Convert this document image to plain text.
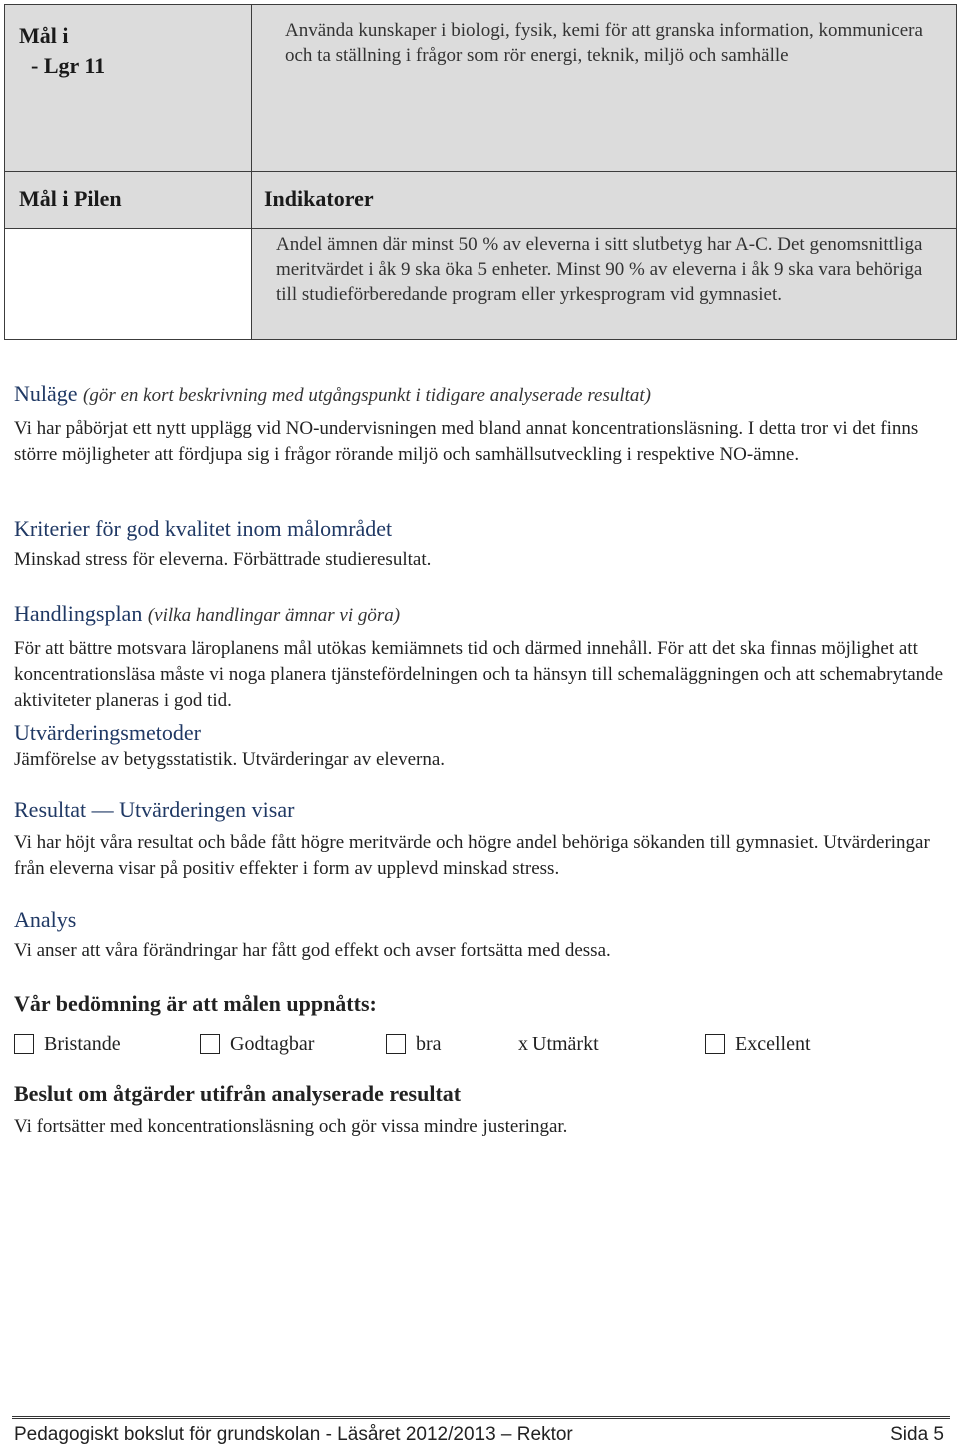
Mål i
- Lgr 11	Använda kunskaper i biologi, fysik, kemi för att granska information, kommunicera och ta ställning i frågor som rör energi, teknik, miljö och samhälle

Mål i Pilen	Indikatorer

	Andel ämnen där minst 50 % av eleverna i sitt slutbetyg har A-C. Det genomsnittliga meritvärdet i åk 9 ska öka 5 enheter. Minst 90 % av eleverna i åk 9 ska vara behöriga till studieförberedande program eller yrkesprogram vid gymnasiet.
Nuläge (gör en kort beskrivning med utgångspunkt i tidigare analyserade resultat)
Vi har påbörjat ett nytt upplägg vid NO-undervisningen med bland annat koncentrationsläsning. I detta tror vi det finns större möjligheter att fördjupa sig i frågor rörande miljö och samhällsutveckling i respektive NO-ämne.
Kriterier för god kvalitet inom målområdet
Minskad stress för eleverna. Förbättrade studieresultat.
Handlingsplan (vilka handlingar ämnar vi göra)
För att bättre motsvara läroplanens mål utökas kemiämnets tid och därmed innehåll. För att det ska finnas möjlighet att koncentrationsläsa måste vi noga planera tjänstefördelningen och ta hänsyn till schemaläggningen och att schemabrytande aktiviteter planeras i god tid.
Utvärderingsmetoder
Jämförelse av betygsstatistik. Utvärderingar av eleverna.
Resultat — Utvärderingen visar
Vi har höjt våra resultat och både fått högre meritvärde och högre andel behöriga sökanden till gymnasiet. Utvärderingar från eleverna visar på positiv effekter i form av upplevd minskad stress.
Analys
Vi anser att våra förändringar har fått god effekt och avser fortsätta med dessa.
Vår bedömning är att målen uppnåtts:
Bristande	Godtagbar	bra	x Utmärkt	Excellent
Beslut om åtgärder utifrån analyserade resultat
Vi fortsätter med koncentrationsläsning och gör vissa mindre justeringar.
Pedagogiskt bokslut för grundskolan - Läsåret 2012/2013 – Rektor	Sida 5
